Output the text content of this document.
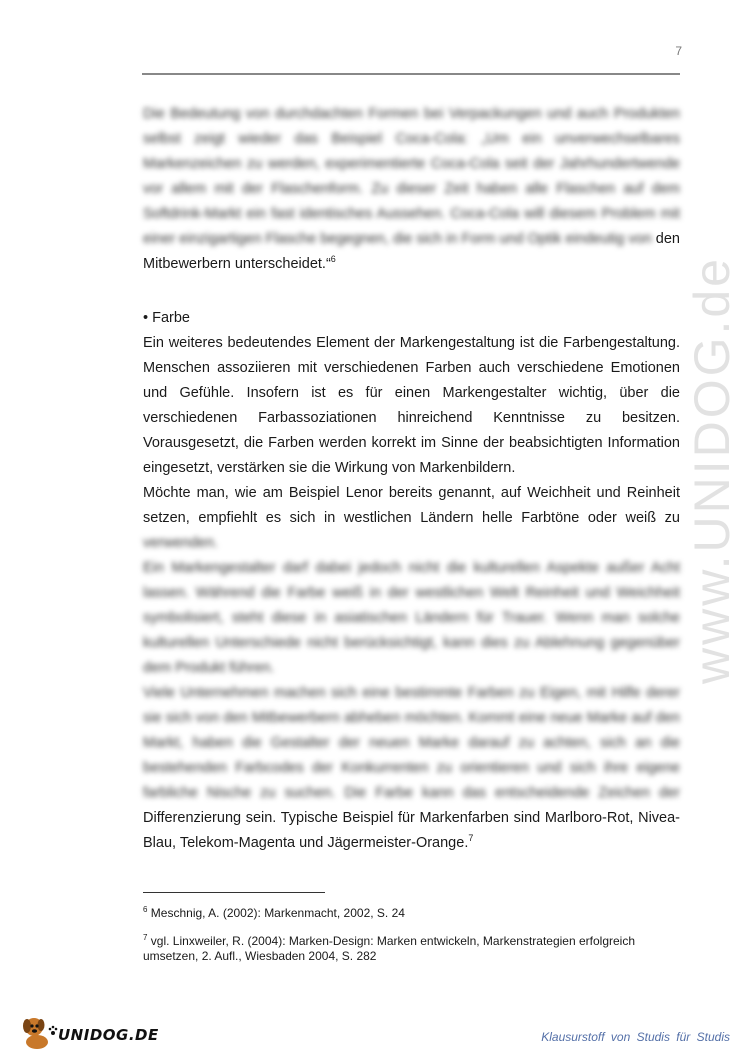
7
www.UNIDOG.de

Die Bedeutung von durchdachten Formen bei Verpackungen und auch Produkten selbst zeigt wieder das Beispiel Coca-Cola: „Um ein unverwechselbares Markenzeichen zu werden, experimentierte Coca-Cola seit der Jahrhundertwende vor allem mit der Flaschenform. Zu dieser Zeit haben alle Flaschen auf dem Softdrink-Markt ein fast identisches Aussehen. Coca-Cola will diesem Problem mit einer einzigartigen Flasche begegnen, die sich in Form und Optik eindeutig von den Mitbewerbern unterscheidet.“$^6$

• Farbe

Ein weiteres bedeutendes Element der Markengestaltung ist die Farbengestaltung. Menschen assoziieren mit verschiedenen Farben auch verschiedene Emotionen und Gefühle. Insofern ist es für einen Markengestalter wichtig, über die verschiedenen Farbassoziationen hinreichend Kenntnisse zu besitzen. Vorausgesetzt, die Farben werden korrekt im Sinne der beabsichtigten Information eingesetzt, verstärken sie die Wirkung von Markenbildern.

Möchte man, wie am Beispiel Lenor bereits genannt, auf Weichheit und Reinheit setzen, empfiehlt es sich in westlichen Ländern helle Farbtöne oder weiß zu verwenden.

Ein Markengestalter darf dabei jedoch nicht die kulturellen Aspekte außer Acht lassen. Während die Farbe weiß in der westlichen Welt Reinheit und Weichheit symbolisiert, steht diese in asiatischen Ländern für Trauer. Wenn man solche kulturellen Unterschiede nicht berücksichtigt, kann dies zu Ablehnung gegenüber dem Produkt führen.

Viele Unternehmen machen sich eine bestimmte Farben zu Eigen, mit Hilfe derer sie sich von den Mitbewerbern abheben möchten. Kommt eine neue Marke auf den Markt, haben die Gestalter der neuen Marke darauf zu achten, sich an die bestehenden Farbcodes der Konkurrenten zu orientieren und sich ihre eigene farbliche Nische zu suchen. Die Farbe kann das entscheidende Zeichen der Differenzierung sein. Typische Beispiel für Markenfarben sind Marlboro-Rot, Nivea-Blau, Telekom-Magenta und Jägermeister-Orange.$^7$

$^6$ Meschnig, A. (2002): Markenmacht, 2002, S. 24

$^7$ vgl. Linxweiler, R. (2004): Marken-Design: Marken entwickeln, Markenstrategien erfolgreich umsetzen, 2. Aufl., Wiesbaden 2004, S. 282

UNIDOG.DE	Klausurstoff von Studis für Studis
